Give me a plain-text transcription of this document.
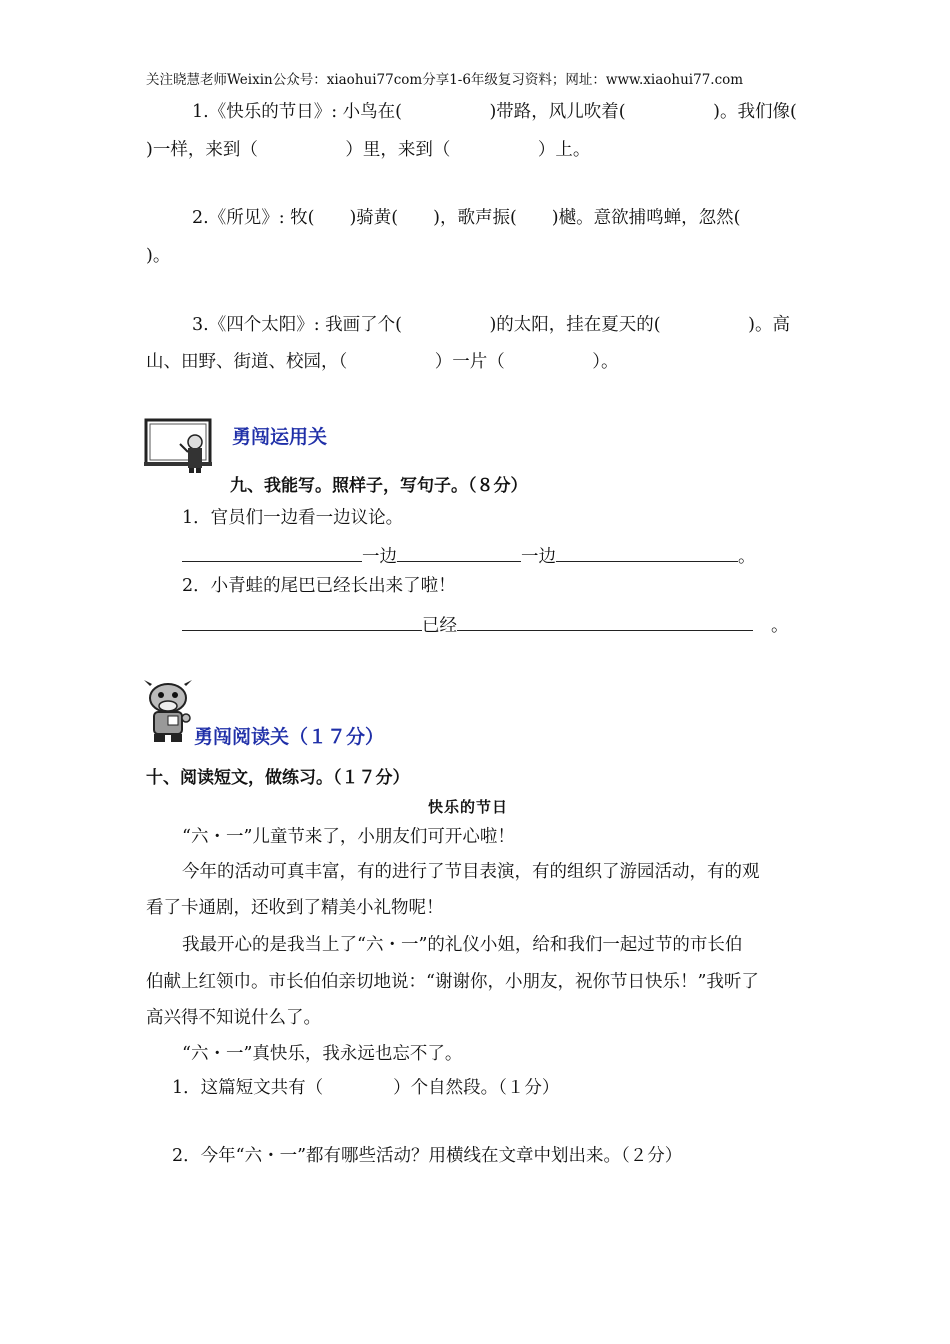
关注晓慧老师Weixin公众号：xiaohui77com分享1-6年级复习资料；网址：www.xiaohui77.com
1.《快乐的节日》: 小鸟在(　　　　　)带路，风儿吹着(　　　　　)。我们像(
)一样，来到（　　　　　）里，来到（　　　　　）上。
2.《所见》: 牧(　　)骑黄(　　)，歌声振(　　)樾。意欲捕鸣蝉，忽然(
)。
3.《四个太阳》: 我画了个(　　　　　)的太阳，挂在夏天的(　　　　　)。高
山、田野、街道、校园，（　　　　　）一片（　　　　　）。
勇闯运用关
九、我能写。照样子，写句子。（８分）
1．官员们一边看一边议论。
一边	一边	。
2．小青蛙的尾巴已经长出来了啦！
已经	。
勇闯阅读关（１７分）
十、阅读短文，做练习。（１７分）
快乐的节日
“六・一”儿童节来了，小朋友们可开心啦！
今年的活动可真丰富，有的进行了节目表演，有的组织了游园活动，有的观
看了卡通剧，还收到了精美小礼物呢！
我最开心的是我当上了“六・一”的礼仪小姐，给和我们一起过节的市长伯
伯献上红领巾。市长伯伯亲切地说：“谢谢你，小朋友，祝你节日快乐！”我听了
高兴得不知说什么了。
“六・一”真快乐，我永远也忘不了。
1．这篇短文共有（　　　　）个自然段。（１分）
2．今年“六・一”都有哪些活动？用横线在文章中划出来。（２分）
